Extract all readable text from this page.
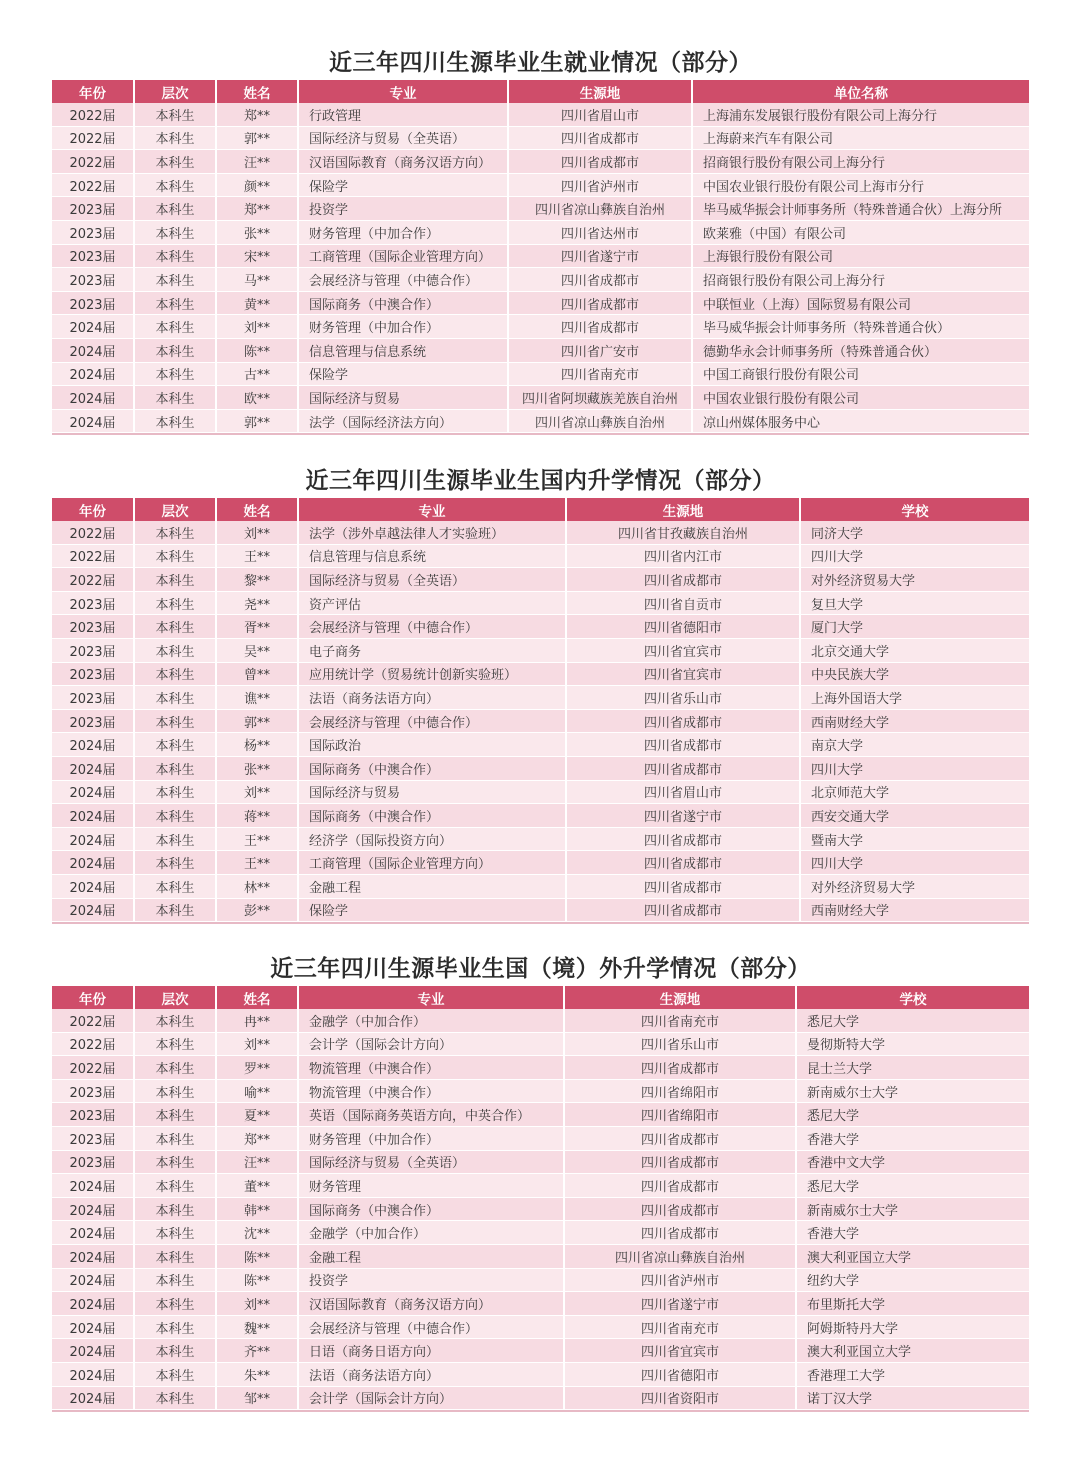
近三年四川生源毕业生就业情况（部分）
年份	层次	姓名	专业	生源地	单位名称
2022届	本科生	郑**	行政管理	四川省眉山市	上海浦东发展银行股份有限公司上海分行
2022届	本科生	郭**	国际经济与贸易（全英语）	四川省成都市	上海蔚来汽车有限公司
2022届	本科生	汪**	汉语国际教育（商务汉语方向）	四川省成都市	招商银行股份有限公司上海分行
2022届	本科生	颜**	保险学	四川省泸州市	中国农业银行股份有限公司上海市分行
2023届	本科生	郑**	投资学	四川省凉山彝族自治州	毕马威华振会计师事务所（特殊普通合伙）上海分所
2023届	本科生	张**	财务管理（中加合作）	四川省达州市	欧莱雅（中国）有限公司
2023届	本科生	宋**	工商管理（国际企业管理方向）	四川省遂宁市	上海银行股份有限公司
2023届	本科生	马**	会展经济与管理（中德合作）	四川省成都市	招商银行股份有限公司上海分行
2023届	本科生	黄**	国际商务（中澳合作）	四川省成都市	中联恒业（上海）国际贸易有限公司
2024届	本科生	刘**	财务管理（中加合作）	四川省成都市	毕马威华振会计师事务所（特殊普通合伙）
2024届	本科生	陈**	信息管理与信息系统	四川省广安市	德勤华永会计师事务所（特殊普通合伙）
2024届	本科生	古**	保险学	四川省南充市	中国工商银行股份有限公司
2024届	本科生	欧**	国际经济与贸易	四川省阿坝藏族羌族自治州	中国农业银行股份有限公司
2024届	本科生	郭**	法学（国际经济法方向）	四川省凉山彝族自治州	凉山州媒体服务中心
近三年四川生源毕业生国内升学情况（部分）
年份	层次	姓名	专业	生源地	学校
2022届	本科生	刘**	法学（涉外卓越法律人才实验班）	四川省甘孜藏族自治州	同济大学
2022届	本科生	王**	信息管理与信息系统	四川省内江市	四川大学
2022届	本科生	黎**	国际经济与贸易（全英语）	四川省成都市	对外经济贸易大学
2023届	本科生	尧**	资产评估	四川省自贡市	复旦大学
2023届	本科生	胥**	会展经济与管理（中德合作）	四川省德阳市	厦门大学
2023届	本科生	吴**	电子商务	四川省宜宾市	北京交通大学
2023届	本科生	曾**	应用统计学（贸易统计创新实验班）	四川省宜宾市	中央民族大学
2023届	本科生	谯**	法语（商务法语方向）	四川省乐山市	上海外国语大学
2023届	本科生	郭**	会展经济与管理（中德合作）	四川省成都市	西南财经大学
2024届	本科生	杨**	国际政治	四川省成都市	南京大学
2024届	本科生	张**	国际商务（中澳合作）	四川省成都市	四川大学
2024届	本科生	刘**	国际经济与贸易	四川省眉山市	北京师范大学
2024届	本科生	蒋**	国际商务（中澳合作）	四川省遂宁市	西安交通大学
2024届	本科生	王**	经济学（国际投资方向）	四川省成都市	暨南大学
2024届	本科生	王**	工商管理（国际企业管理方向）	四川省成都市	四川大学
2024届	本科生	林**	金融工程	四川省成都市	对外经济贸易大学
2024届	本科生	彭**	保险学	四川省成都市	西南财经大学
近三年四川生源毕业生国（境）外升学情况（部分）
年份	层次	姓名	专业	生源地	学校
2022届	本科生	冉**	金融学（中加合作）	四川省南充市	悉尼大学
2022届	本科生	刘**	会计学（国际会计方向）	四川省乐山市	曼彻斯特大学
2022届	本科生	罗**	物流管理（中澳合作）	四川省成都市	昆士兰大学
2023届	本科生	喻**	物流管理（中澳合作）	四川省绵阳市	新南威尔士大学
2023届	本科生	夏**	英语（国际商务英语方向，中英合作）	四川省绵阳市	悉尼大学
2023届	本科生	郑**	财务管理（中加合作）	四川省成都市	香港大学
2023届	本科生	汪**	国际经济与贸易（全英语）	四川省成都市	香港中文大学
2024届	本科生	董**	财务管理	四川省成都市	悉尼大学
2024届	本科生	韩**	国际商务（中澳合作）	四川省成都市	新南威尔士大学
2024届	本科生	沈**	金融学（中加合作）	四川省成都市	香港大学
2024届	本科生	陈**	金融工程	四川省凉山彝族自治州	澳大利亚国立大学
2024届	本科生	陈**	投资学	四川省泸州市	纽约大学
2024届	本科生	刘**	汉语国际教育（商务汉语方向）	四川省遂宁市	布里斯托大学
2024届	本科生	魏**	会展经济与管理（中德合作）	四川省南充市	阿姆斯特丹大学
2024届	本科生	齐**	日语（商务日语方向）	四川省宜宾市	澳大利亚国立大学
2024届	本科生	朱**	法语（商务法语方向）	四川省德阳市	香港理工大学
2024届	本科生	邹**	会计学（国际会计方向）	四川省资阳市	诺丁汉大学
